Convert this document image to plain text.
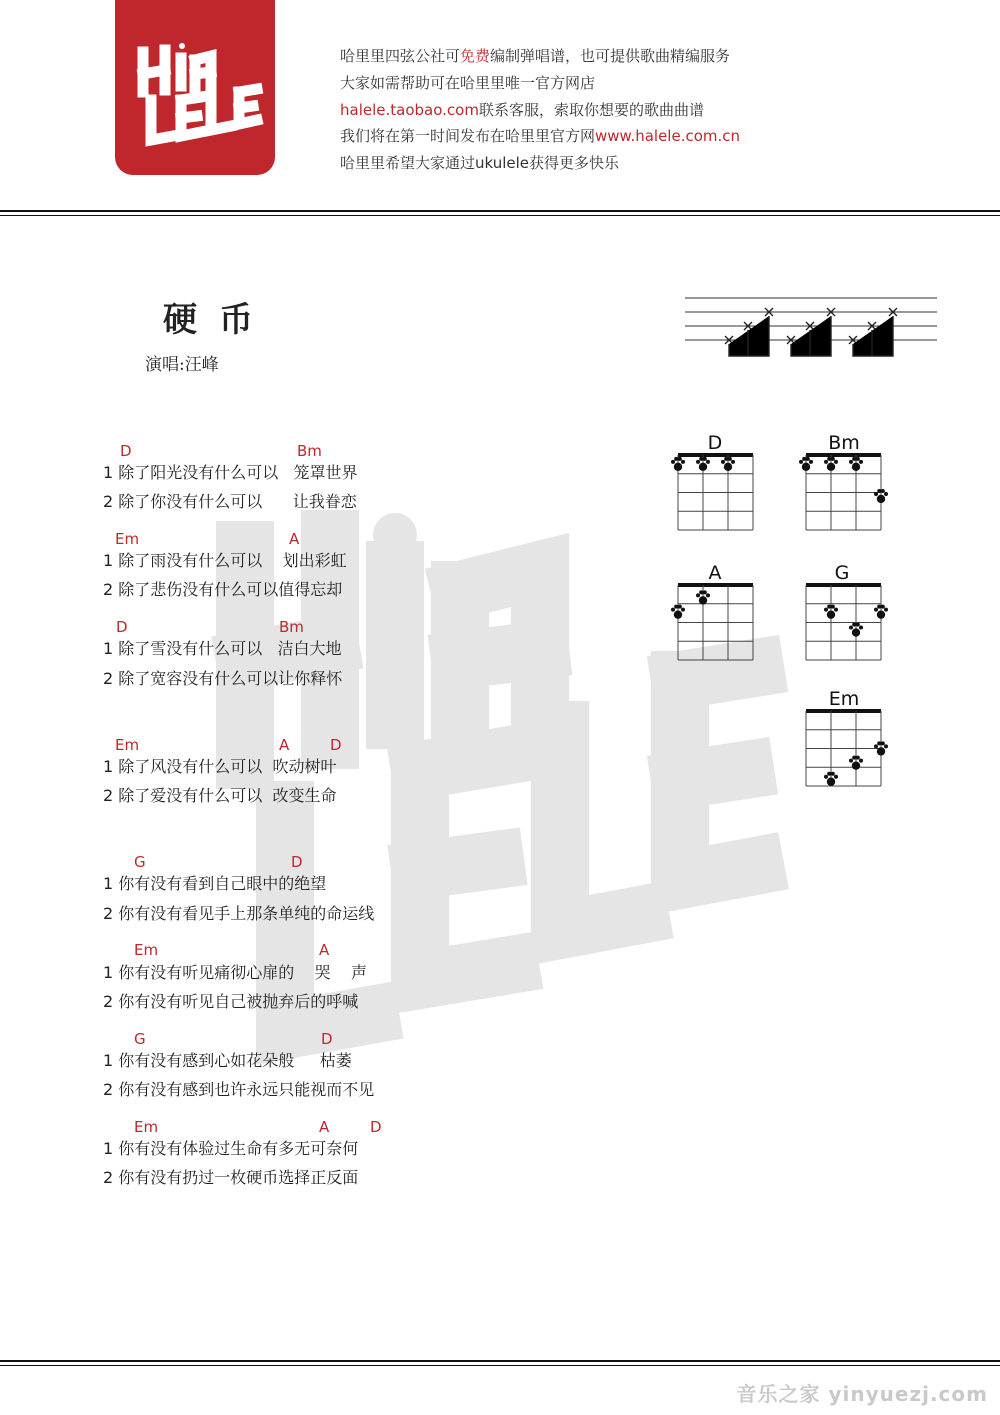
哈里里四弦公社可免费编制弹唱谱，也可提供歌曲精编服务
大家如需帮助可在哈里里唯一官方网店
halele.taobao.com联系客服，索取你想要的歌曲曲谱
我们将在第一时间发布在哈里里官方网www.halele.com.cn
哈里里希望大家通过ukulele获得更多快乐
硬币
演唱:汪峰
D	Bm
Em	A
D	Bm
Em	A	D
G	D
Em	A
G	D
Em	A	D
1 除了阳光没有什么可以   笼罩世界
2 除了你没有什么可以      让我眷恋
1 除了雨没有什么可以    划出彩虹
2 除了悲伤没有什么可以值得忘却
1 除了雪没有什么可以   洁白大地
2 除了宽容没有什么可以让你释怀
1 除了风没有什么可以  吹动树叶
2 除了爱没有什么可以  改变生命
1 你有没有看到自己眼中的绝望
2 你有没有看见手上那条单纯的命运线
1 你有没有听见痛彻心扉的    哭    声
2 你有没有听见自己被抛弃后的呼喊
1 你有没有感到心如花朵般     枯萎
2 你有没有感到也许永远只能视而不见
1 你有没有体验过生命有多无可奈何
2 你有没有扔过一枚硬币选择正反面
D	Bm
A	G
Em
音乐之家 yinyuezj.com
